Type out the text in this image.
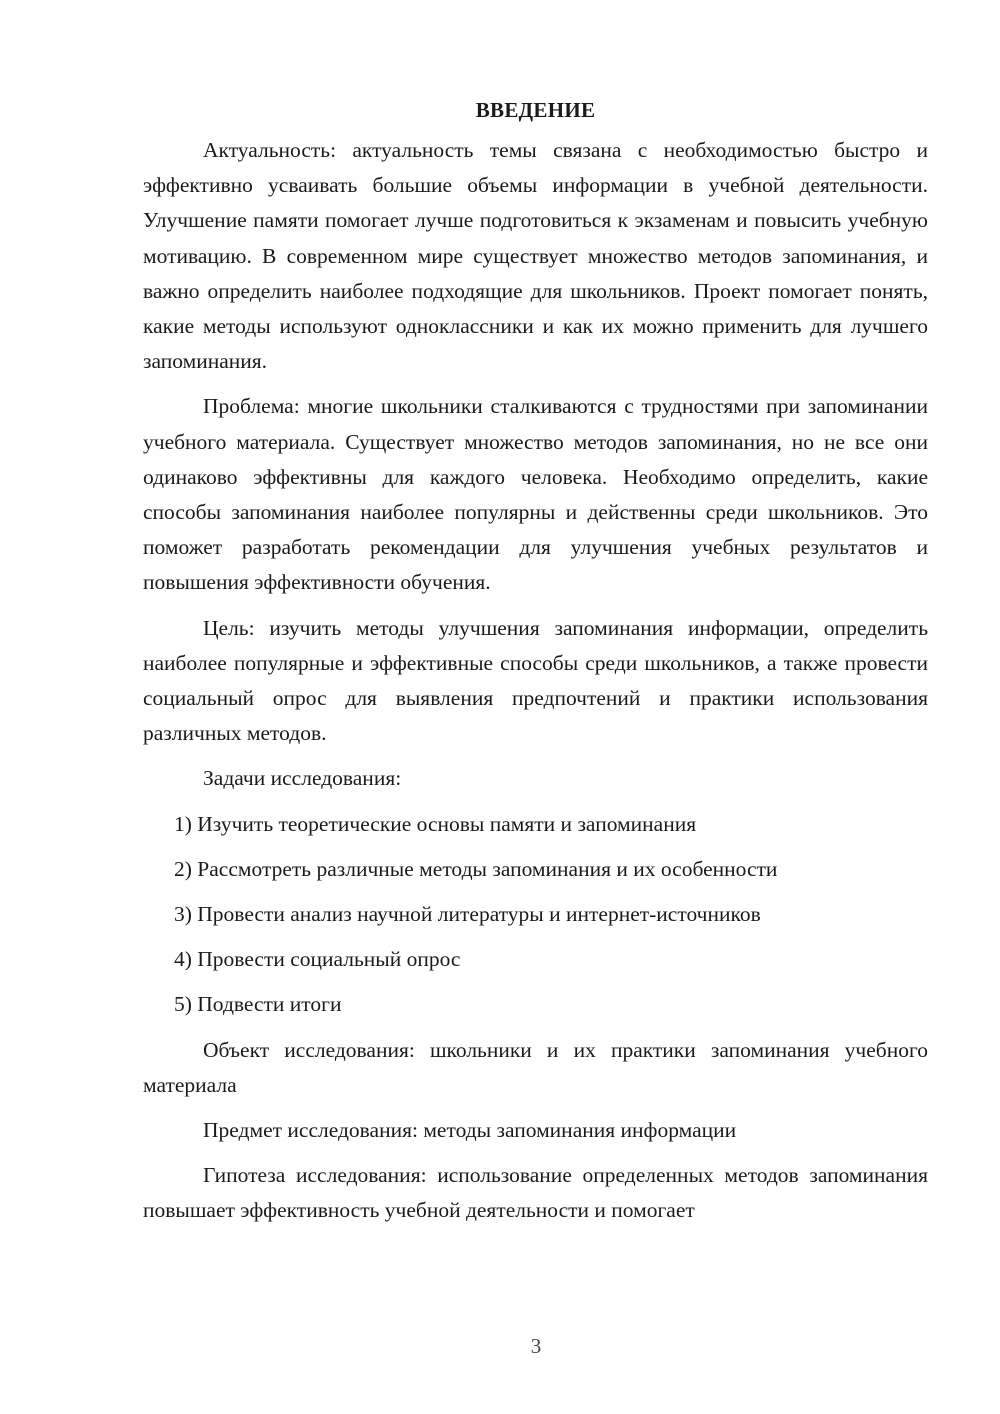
ВВЕДЕНИЕ

Актуальность: актуальность темы связана с необходимостью быстро и эффективно усваивать большие объемы информации в учебной деятельности. Улучшение памяти помогает лучше подготовиться к экзаменам и повысить учебную мотивацию. В современном мире существует множество методов запоминания, и важно определить наиболее подходящие для школьников. Проект помогает понять, какие методы используют одноклассники и как их можно применить для лучшего запоминания.

Проблема: многие школьники сталкиваются с трудностями при запоминании учебного материала. Существует множество методов запоминания, но не все они одинаково эффективны для каждого человека. Необходимо определить, какие способы запоминания наиболее популярны и действенны среди школьников. Это поможет разработать рекомендации для улучшения учебных результатов и повышения эффективности обучения.

Цель: изучить методы улучшения запоминания информации, определить наиболее популярные и эффективные способы среди школьников, а также провести социальный опрос для выявления предпочтений и практики использования различных методов.

Задачи исследования:

1) Изучить теоретические основы памяти и запоминания
2) Рассмотреть различные методы запоминания и их особенности
3) Провести анализ научной литературы и интернет-источников
4) Провести социальный опрос
5) Подвести итоги

Объект исследования: школьники и их практики запоминания учебного материала

Предмет исследования: методы запоминания информации

Гипотеза исследования: использование определенных методов запоминания повышает эффективность учебной деятельности и помогает

3
